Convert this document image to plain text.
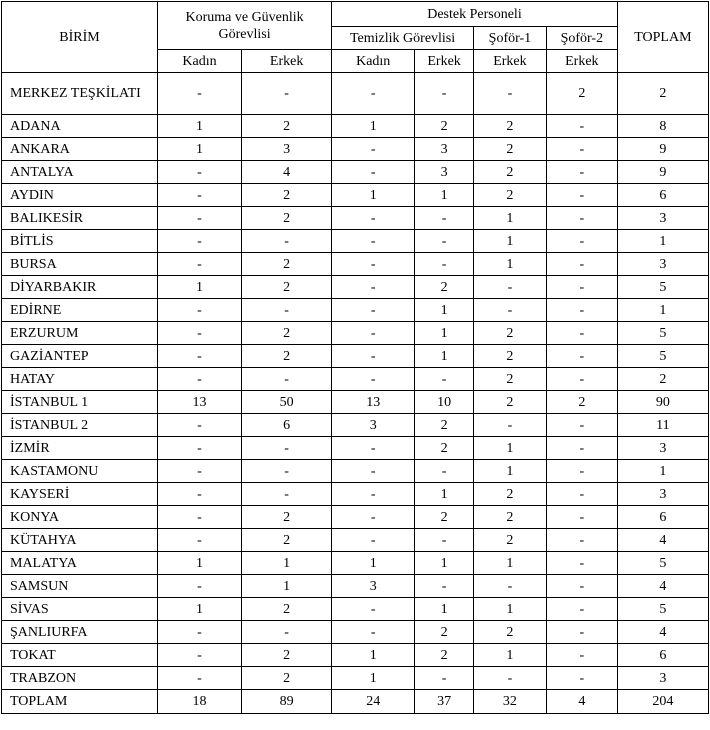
BİRİM	Koruma ve Güvenlik Görevlisi		Destek Personeli				TOPLAM
			Temizlik Görevlisi		Şoför-1	Şoför-2	
	Kadın	Erkek	Kadın	Erkek	Erkek	Erkek	
MERKEZ TEŞKİLATI	-	-	-	-	-	2	2
ADANA	1	2	1	2	2	-	8
ANKARA	1	3	-	3	2	-	9
ANTALYA	-	4	-	3	2	-	9
AYDIN	-	2	1	1	2	-	6
BALIKESİR	-	2	-	-	1	-	3
BİTLİS	-	-	-	-	1	-	1
BURSA	-	2	-	-	1	-	3
DİYARBAKIR	1	2	-	2	-	-	5
EDİRNE	-	-	-	1	-	-	1
ERZURUM	-	2	-	1	2	-	5
GAZİANTEP	-	2	-	1	2	-	5
HATAY	-	-	-	-	2	-	2
İSTANBUL 1	13	50	13	10	2	2	90
İSTANBUL 2	-	6	3	2	-	-	11
İZMİR	-	-	-	2	1	-	3
KASTAMONU	-	-	-	-	1	-	1
KAYSERİ	-	-	-	1	2	-	3
KONYA	-	2	-	2	2	-	6
KÜTAHYA	-	2	-	-	2	-	4
MALATYA	1	1	1	1	1	-	5
SAMSUN	-	1	3	-	-	-	4
SİVAS	1	2	-	1	1	-	5
ŞANLIURFA	-	-	-	2	2	-	4
TOKAT	-	2	1	2	1	-	6
TRABZON	-	2	1	-	-	-	3
TOPLAM	18	89	24	37	32	4	204
